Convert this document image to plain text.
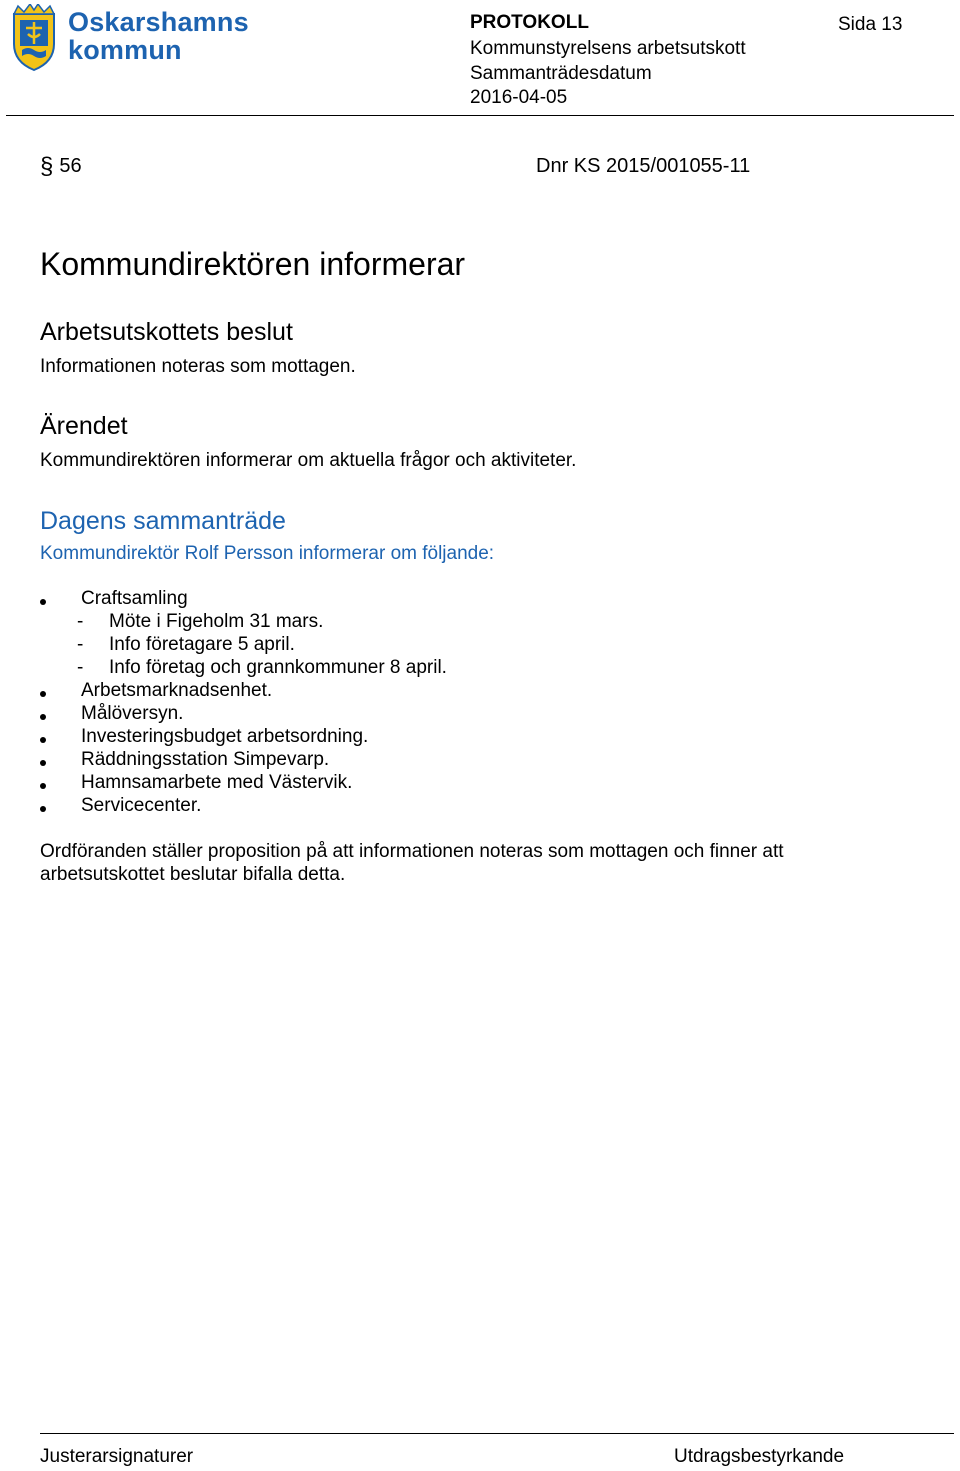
Oskarshamns
kommun
PROTOKOLL
Kommunstyrelsens arbetsutskott
Sammanträdesdatum
2016-04-05
Sida 13
§ 56	Dnr KS 2015/001055-11
Kommundirektören informerar
Arbetsutskottets beslut
Informationen noteras som mottagen.
Ärendet
Kommundirektören informerar om aktuella frågor och aktiviteter.
Dagens sammanträde
Kommundirektör Rolf Persson informerar om följande:
Craftsamling
- Möte i Figeholm 31 mars.
- Info företagare 5 april.
- Info företag och grannkommuner 8 april.
Arbetsmarknadsenhet.
Målöversyn.
Investeringsbudget arbetsordning.
Räddningsstation Simpevarp.
Hamnsamarbete med Västervik.
Servicecenter.
Ordföranden ställer proposition på att informationen noteras som mottagen och finner att
arbetsutskottet beslutar bifalla detta.
Justerarsignaturer	Utdragsbestyrkande
